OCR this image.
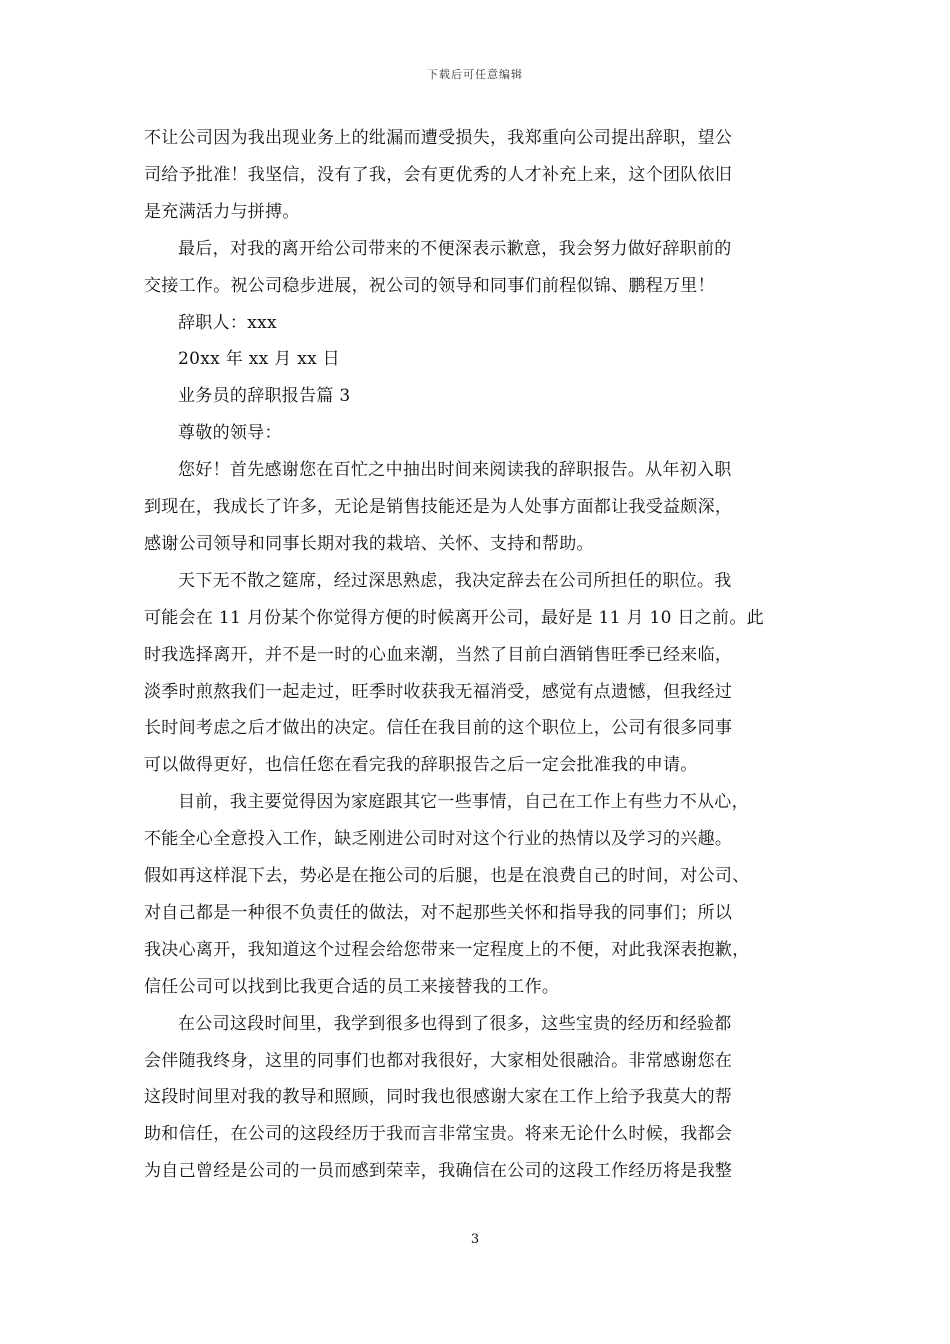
下载后可任意编辑
不让公司因为我出现业务上的纰漏而遭受损失，我郑重向公司提出辞职，望公
司给予批准！我坚信，没有了我，会有更优秀的人才补充上来，这个团队依旧
是充满活力与拼搏。
最后，对我的离开给公司带来的不便深表示歉意，我会努力做好辞职前的
交接工作。祝公司稳步进展，祝公司的领导和同事们前程似锦、鹏程万里！
辞职人：xxx
20xx 年 xx 月 xx 日
业务员的辞职报告篇 3
尊敬的领导：
您好！首先感谢您在百忙之中抽出时间来阅读我的辞职报告。从年初入职
到现在，我成长了许多，无论是销售技能还是为人处事方面都让我受益颇深，
感谢公司领导和同事长期对我的栽培、关怀、支持和帮助。
天下无不散之筵席，经过深思熟虑，我决定辞去在公司所担任的职位。我
可能会在 11 月份某个你觉得方便的时候离开公司，最好是 11 月 10 日之前。此
时我选择离开，并不是一时的心血来潮，当然了目前白酒销售旺季已经来临，
淡季时煎熬我们一起走过，旺季时收获我无福消受，感觉有点遗憾，但我经过
长时间考虑之后才做出的决定。信任在我目前的这个职位上，公司有很多同事
可以做得更好，也信任您在看完我的辞职报告之后一定会批准我的申请。
目前，我主要觉得因为家庭跟其它一些事情，自己在工作上有些力不从心，
不能全心全意投入工作，缺乏刚进公司时对这个行业的热情以及学习的兴趣。
假如再这样混下去，势必是在拖公司的后腿，也是在浪费自己的时间，对公司、
对自己都是一种很不负责任的做法，对不起那些关怀和指导我的同事们；所以
我决心离开，我知道这个过程会给您带来一定程度上的不便，对此我深表抱歉，
信任公司可以找到比我更合适的员工来接替我的工作。
在公司这段时间里，我学到很多也得到了很多，这些宝贵的经历和经验都
会伴随我终身，这里的同事们也都对我很好，大家相处很融洽。非常感谢您在
这段时间里对我的教导和照顾，同时我也很感谢大家在工作上给予我莫大的帮
助和信任，在公司的这段经历于我而言非常宝贵。将来无论什么时候，我都会
为自己曾经是公司的一员而感到荣幸，我确信在公司的这段工作经历将是我整
3
